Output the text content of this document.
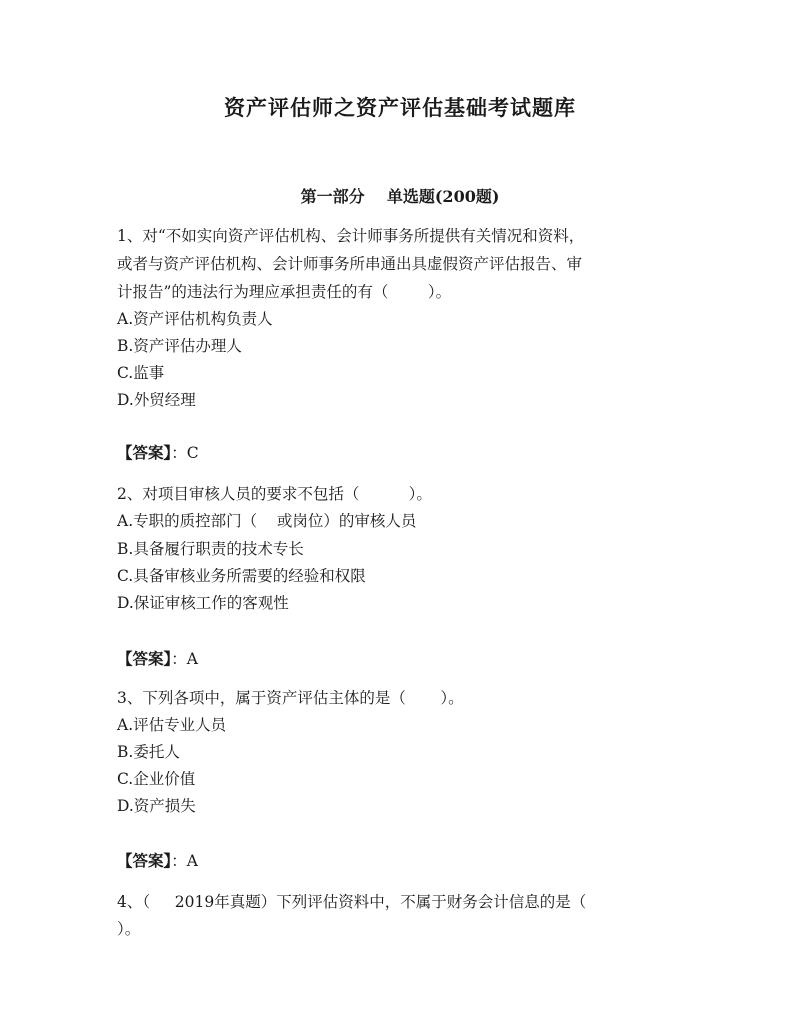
资产评估师之资产评估基础考试题库
第一部分    单选题(200题)
1、对“不如实向资产评估机构、会计师事务所提供有关情况和资料，
或者与资产评估机构、会计师事务所串通出具虚假资产评估报告、审
计报告”的违法行为理应承担责任的有（        ）。
A.资产评估机构负责人
B.资产评估办理人
C.监事
D.外贸经理
【答案】：C
2、对项目审核人员的要求不包括（          ）。
A.专职的质控部门（    或岗位）的审核人员
B.具备履行职责的技术专长
C.具备审核业务所需要的经验和权限
D.保证审核工作的客观性
【答案】：A
3、下列各项中，属于资产评估主体的是（       ）。
A.评估专业人员
B.委托人
C.企业价值
D.资产损失
【答案】：A
4、（     2019年真题）下列评估资料中，不属于财务会计信息的是（
）。
